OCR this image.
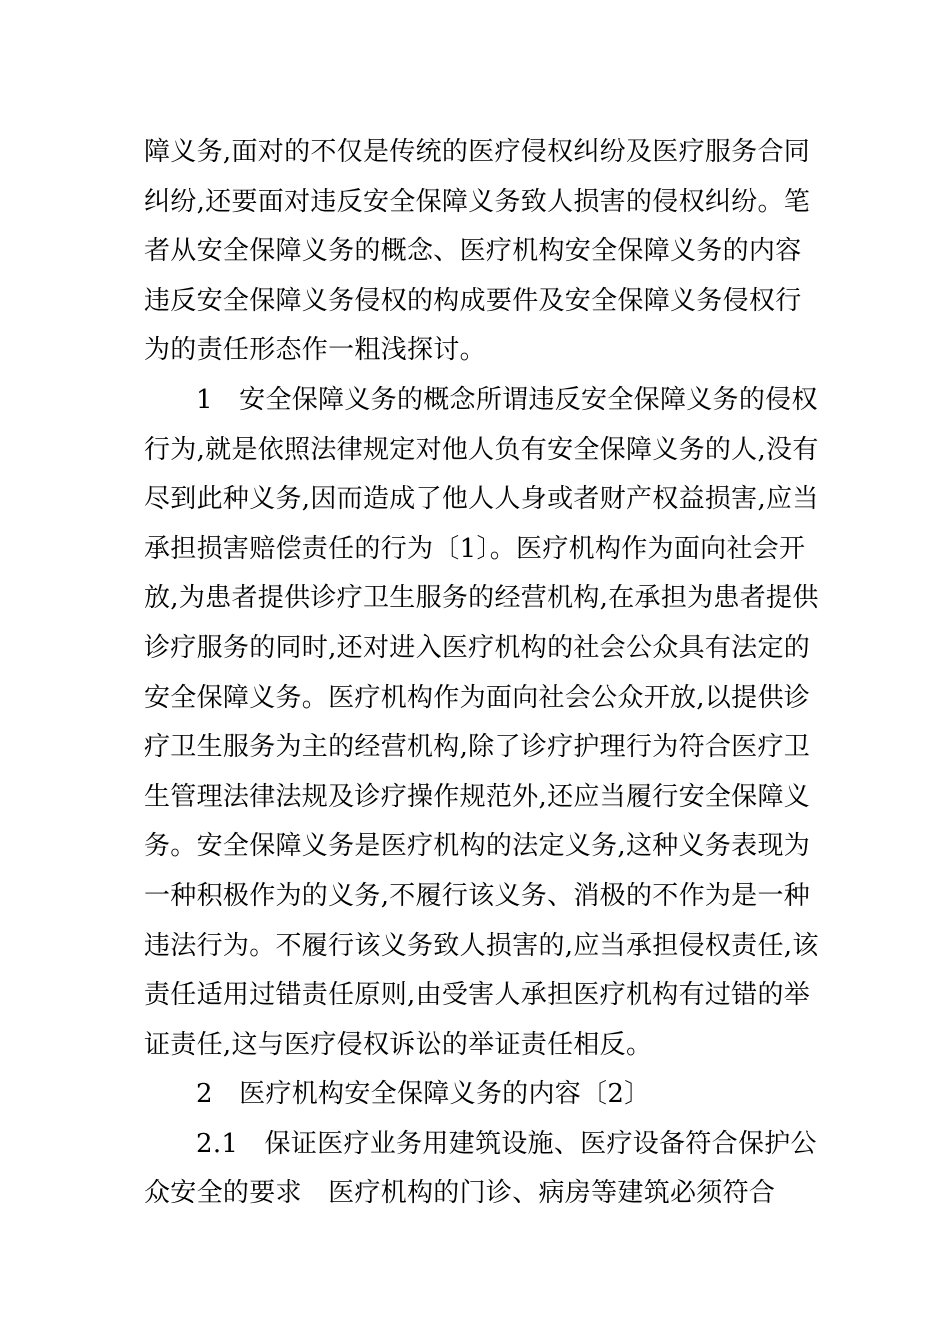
障义务,面对的不仅是传统的医疗侵权纠纷及医疗服务合同
纠纷,还要面对违反安全保障义务致人损害的侵权纠纷。笔
者从安全保障义务的概念、医疗机构安全保障义务的内容
违反安全保障义务侵权的构成要件及安全保障义务侵权行
为的责任形态作一粗浅探讨。
1　安全保障义务的概念所谓违反安全保障义务的侵权
行为,就是依照法律规定对他人负有安全保障义务的人,没有
尽到此种义务,因而造成了他人人身或者财产权益损害,应当
承担损害赔偿责任的行为〔1〕。医疗机构作为面向社会开
放,为患者提供诊疗卫生服务的经营机构,在承担为患者提供
诊疗服务的同时,还对进入医疗机构的社会公众具有法定的
安全保障义务。医疗机构作为面向社会公众开放,以提供诊
疗卫生服务为主的经营机构,除了诊疗护理行为符合医疗卫
生管理法律法规及诊疗操作规范外,还应当履行安全保障义
务。安全保障义务是医疗机构的法定义务,这种义务表现为
一种积极作为的义务,不履行该义务、消极的不作为是一种
违法行为。不履行该义务致人损害的,应当承担侵权责任,该
责任适用过错责任原则,由受害人承担医疗机构有过错的举
证责任,这与医疗侵权诉讼的举证责任相反。
2　医疗机构安全保障义务的内容〔2〕
2.1　保证医疗业务用建筑设施、医疗设备符合保护公
众安全的要求　医疗机构的门诊、病房等建筑必须符合
